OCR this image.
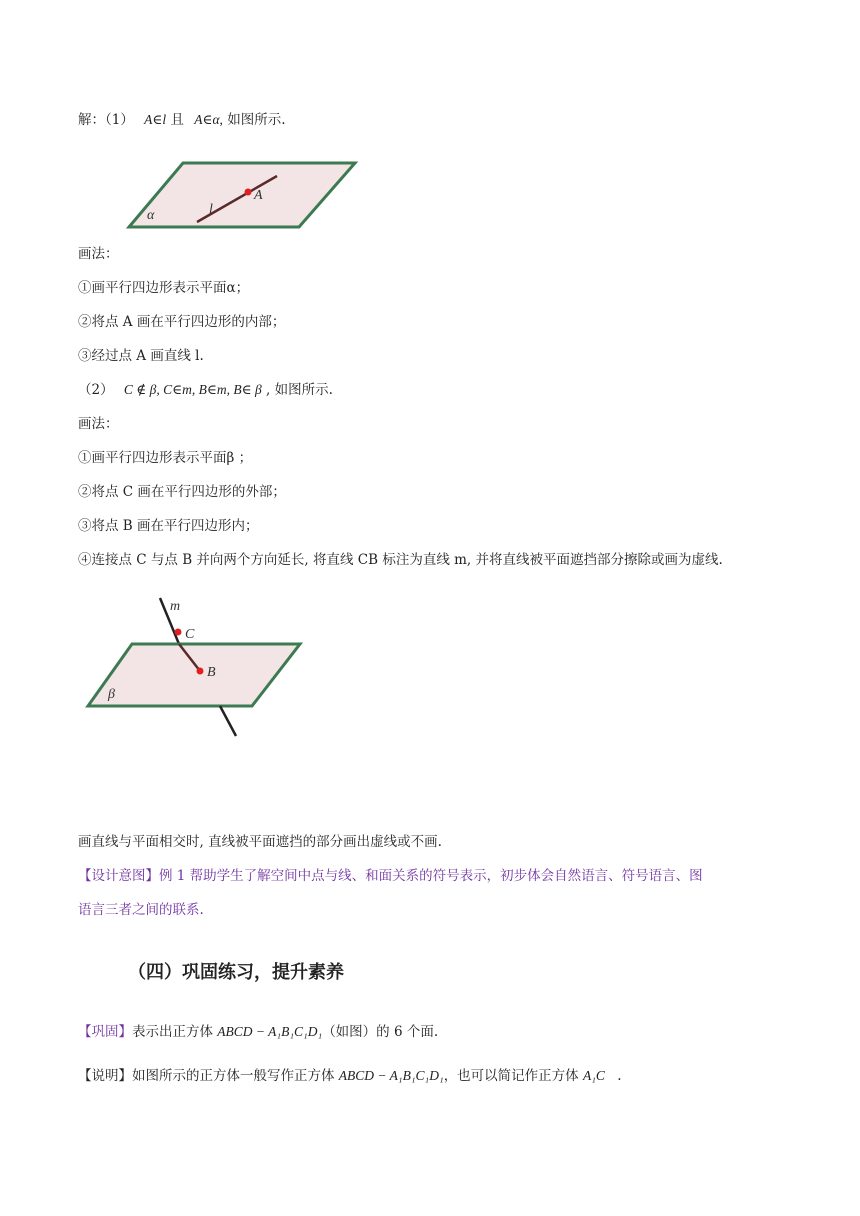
解：（1） A∈l 且 A∈α, 如图所示.
α	l
A
画法：
①画平行四边形表示平面α；
②将点 A 画在平行四边形的内部；
③经过点 A 画直线 l.
（2） C ∉ β, C∈m, B∈m, B∈ β , 如图所示.
画法：
①画平行四边形表示平面β ；
②将点 C 画在平行四边形的外部；
③将点 B 画在平行四边形内；
④连接点 C 与点 B 并向两个方向延长, 将直线 CB 标注为直线 m, 并将直线被平面遮挡部分擦除或画为虚线.
m
C
B
β
画直线与平面相交时, 直线被平面遮挡的部分画出虚线或不画.
【设计意图】例 1 帮助学生了解空间中点与线、和面关系的符号表示，初步体会自然语言、符号语言、图
语言三者之间的联系.
（四）巩固练习，提升素养
【巩固】表示出正方体 ABCD − A₁B₁C₁D₁（如图）的 6 个面.
【说明】如图所示的正方体一般写作正方体 ABCD − A₁B₁C₁D₁，也可以简记作正方体 A₁C .
